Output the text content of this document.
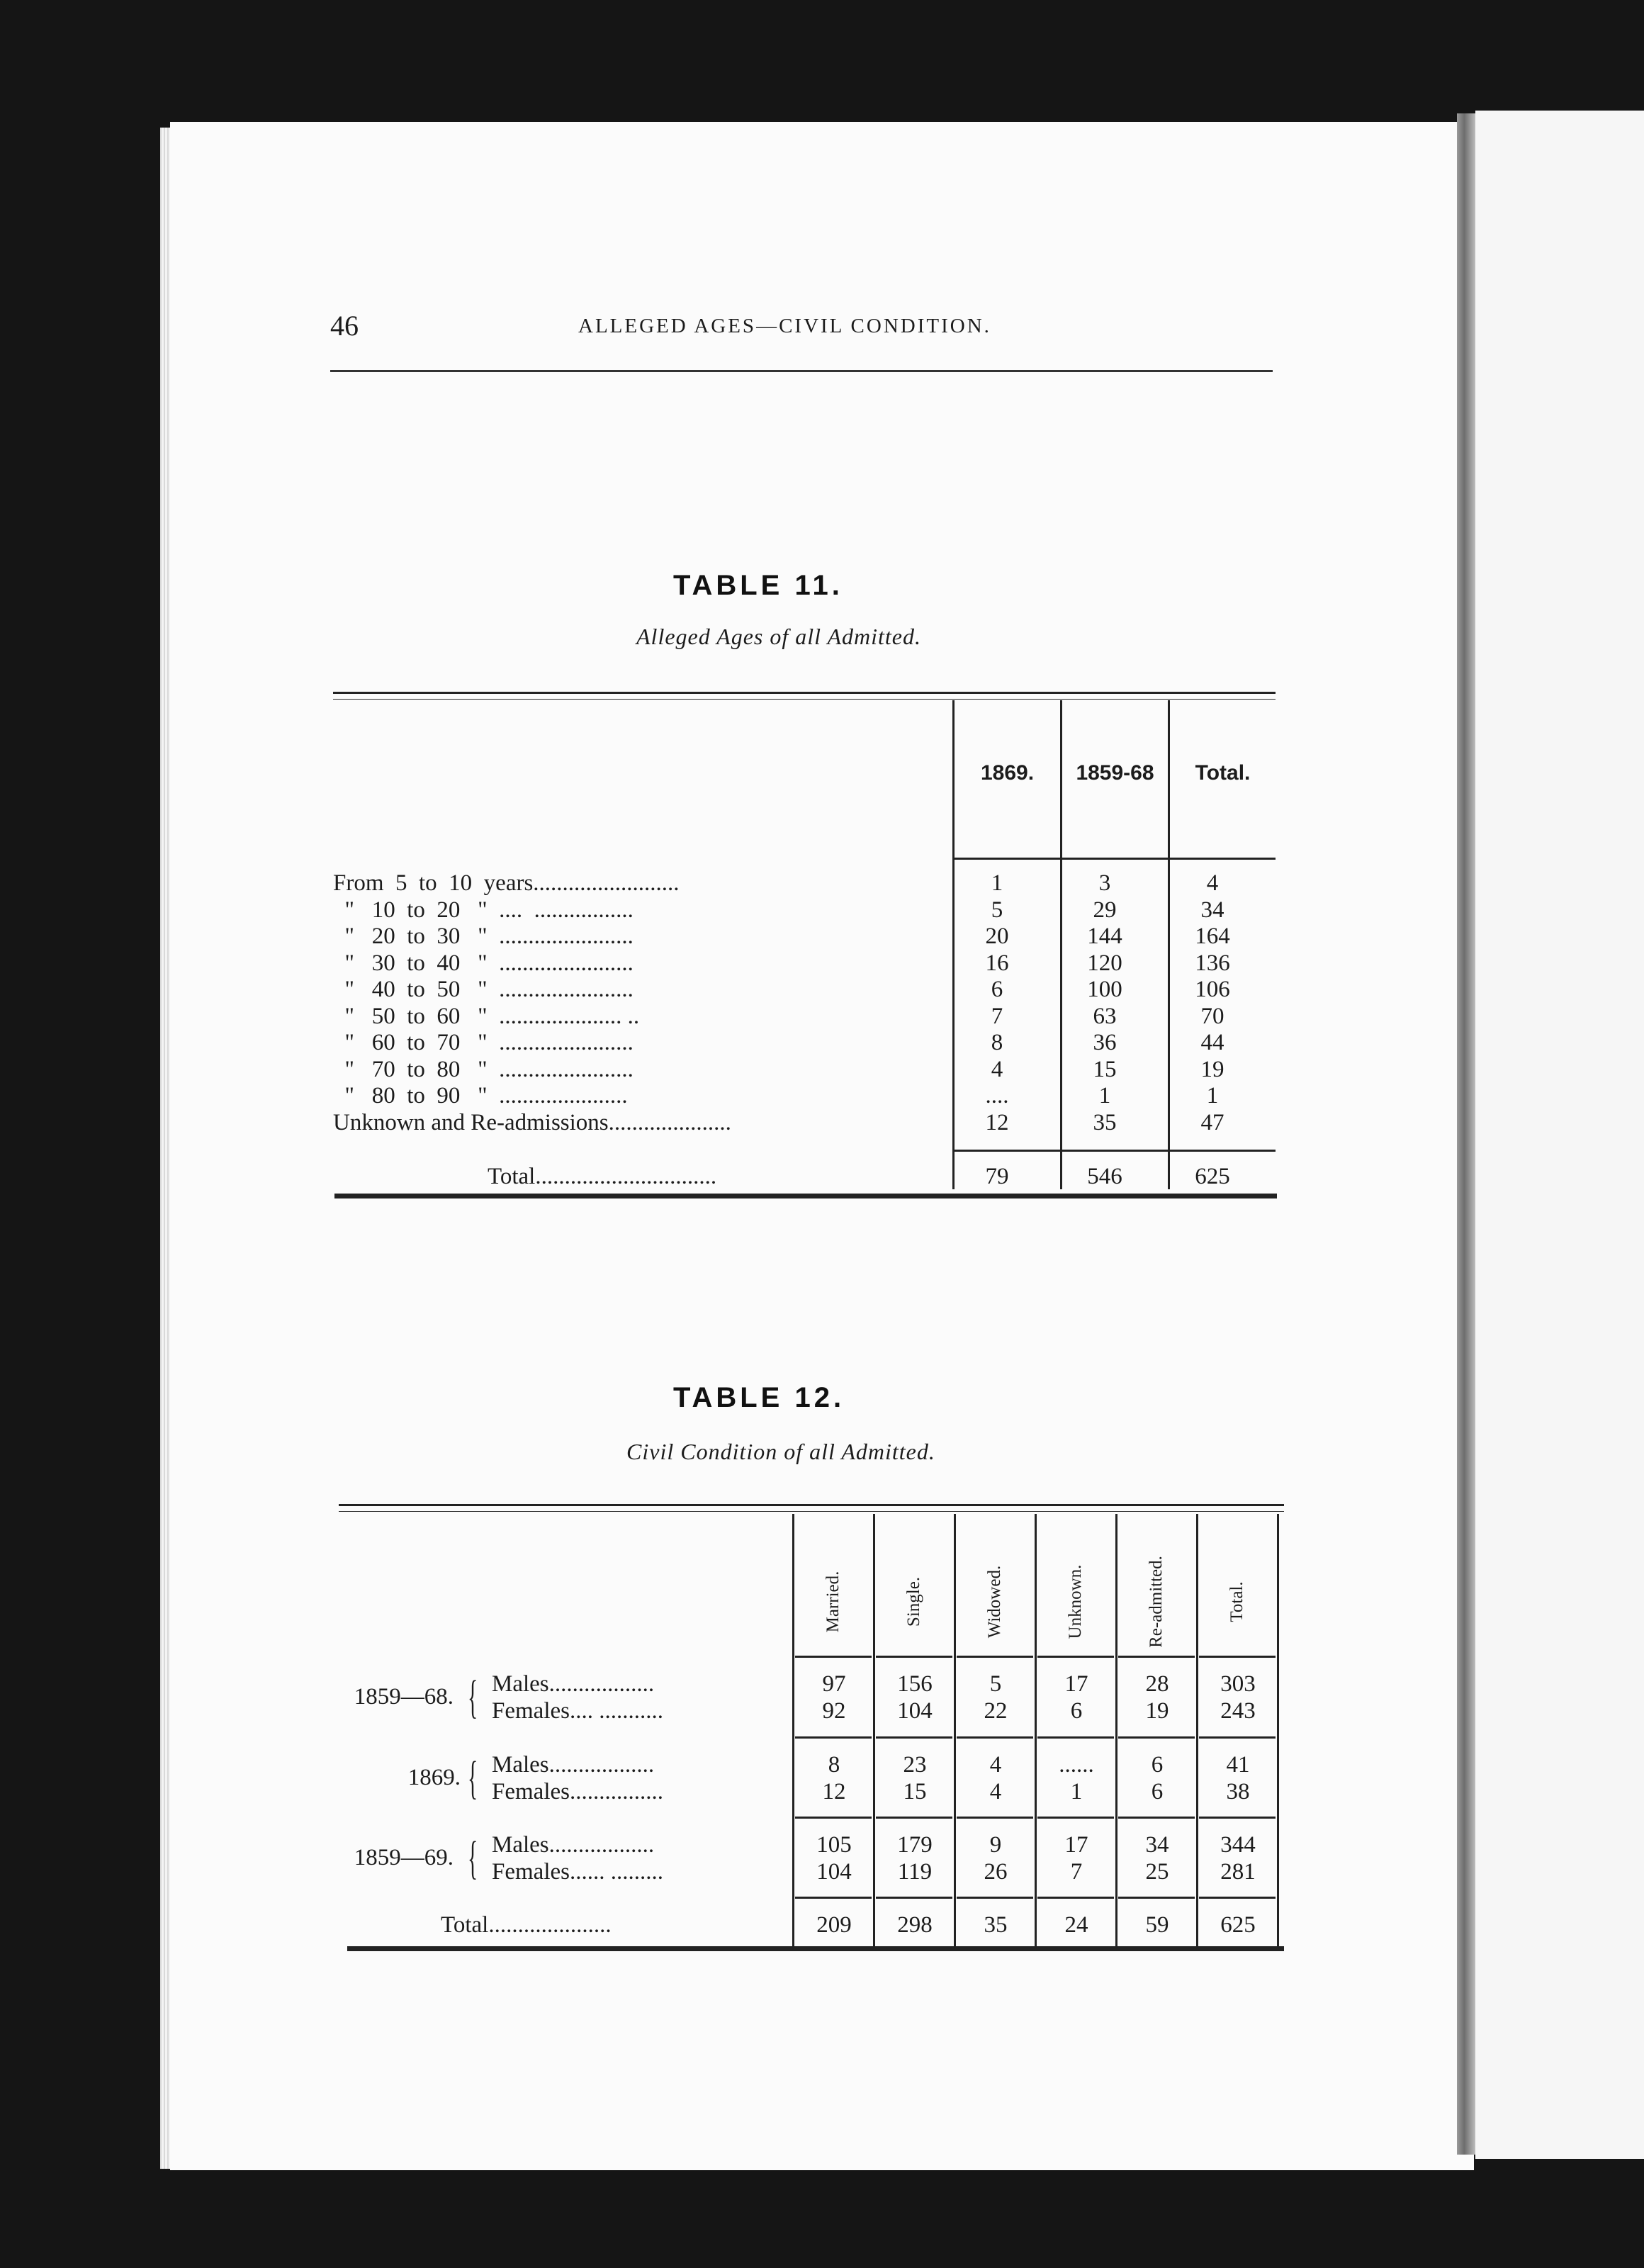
46	ALLEGED AGES—CIVIL CONDITION.
TABLE 11.
Alleged Ages of all Admitted.
1869.	1859-68	Total.
From  5  to  10  years.........................	1	3	4
"   10  to  20   "  ....  .................	5	29	34
"   20  to  30   "  .......................	20	144	164
"   30  to  40   "  .......................	16	120	136
"   40  to  50   "  .......................	6	100	106
"   50  to  60   "  ..................... ..	7	63	70
"   60  to  70   "  .......................	8	36	44
"   70  to  80   "  .......................	4	15	19
"   80  to  90   "  ......................	....	1	1
Unknown and Re-admissions.....................	12	35	47
Total...............................	79	546	625
TABLE 12.
Civil Condition of all Admitted.
Married.	Single.	Widowed.	Unknown.	Re-admitted.	Total.
1859—68. { Males..................	97	156	5	17	28	303
Females.... ...........	92	104	22	6	19	243
1869. { Males..................	8	23	4	......	6	41
Females................	12	15	4	1	6	38
1859—69. { Males..................	105	179	9	17	34	344
Females...... .........	104	119	26	7	25	281
Total.....................	209	298	35	24	59	625
